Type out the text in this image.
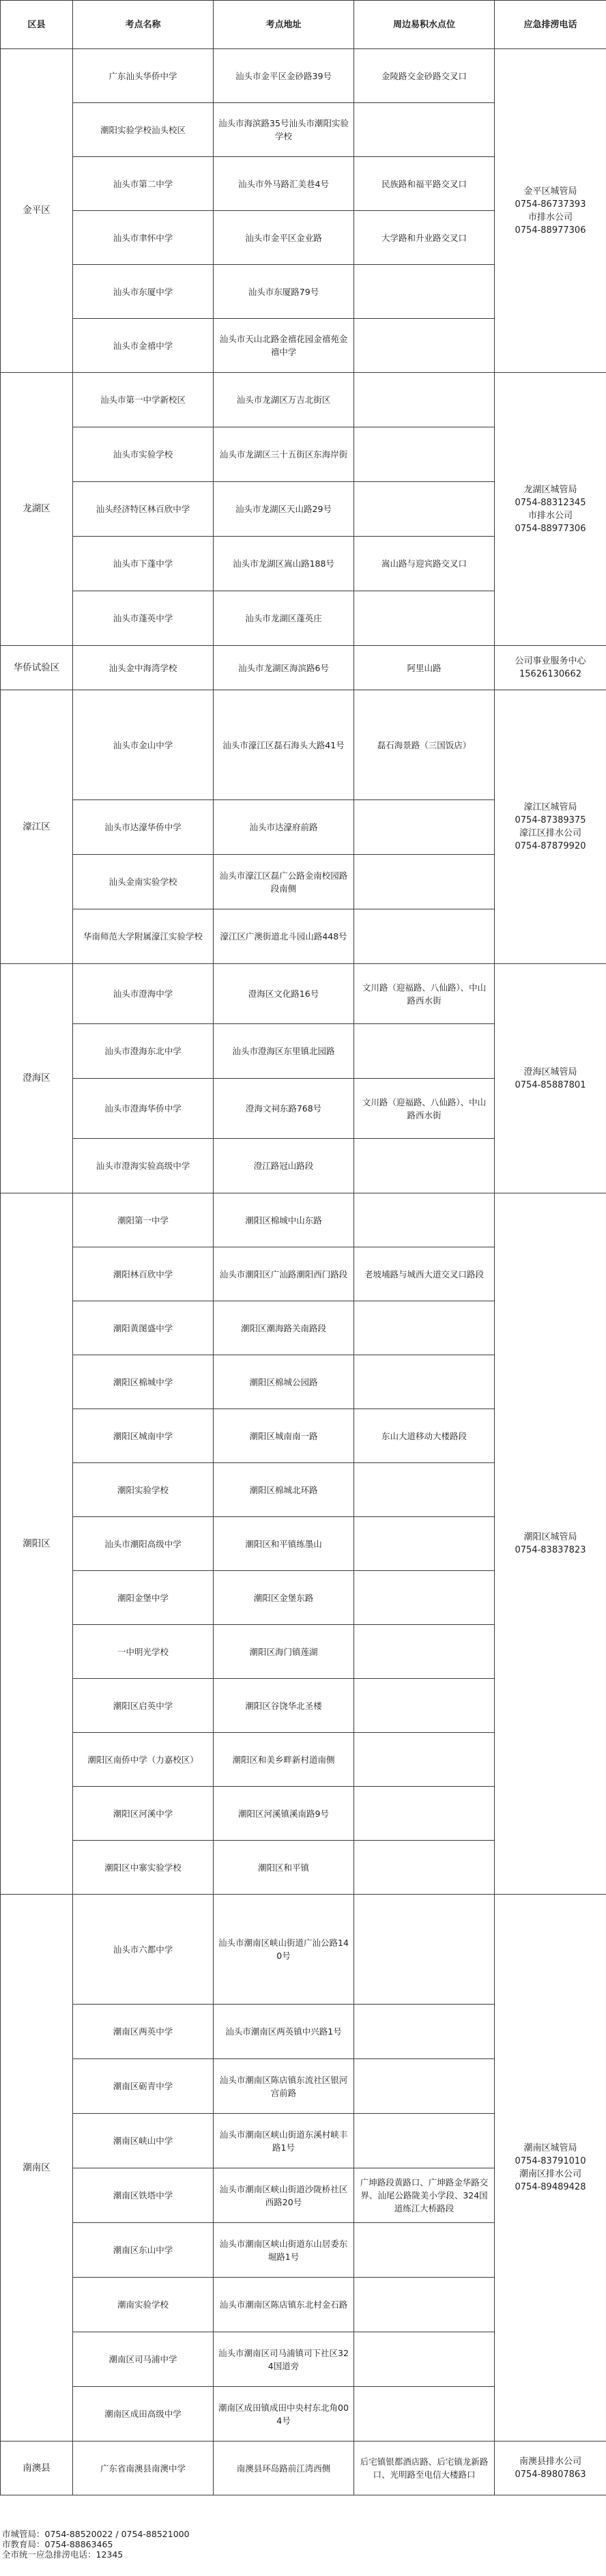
区县	考点名称	考点地址	周边易积水点位	应急排涝电话
金平区	广东汕头华侨中学	汕头市金平区金砂路39号	金陵路交金砂路交叉口	金平区城管局
0754-86737393
市排水公司
0754-88977306

	潮阳实验学校汕头校区	汕头市海滨路35号汕头市潮阳实验学校		
	汕头市第二中学	汕头市外马路汇美巷4号	民族路和福平路交叉口	
	汕头市聿怀中学	汕头市金平区金业路	大学路和升业路交叉口	
	汕头市东厦中学	汕头市东厦路79号		
	汕头市金禧中学	汕头市天山北路金禧花园金禧苑金禧中学		
龙湖区	汕头市第一中学新校区	汕头市龙湖区万吉北街区		龙湖区城管局
0754-88312345
市排水公司
0754-88977306

	汕头市实验学校	汕头市龙湖区三十五街区东海岸街		
	汕头经济特区林百欣中学	汕头市龙湖区天山路29号		
	汕头市下蓬中学	汕头市龙湖区嵩山路188号	嵩山路与迎宾路交叉口	
	汕头市蓬英中学	汕头市龙湖区蓬英庄		
华侨试验区	汕头金中海湾学校	汕头市龙湖区海滨路6号	阿里山路	公司事业服务中心
15626130662

濠江区	汕头市金山中学	汕头市濠江区磊石海头大路41号	磊石海景路（三国饭店）	濠江区城管局
0754-87389375
濠江区排水公司
0754-87879920

	汕头市达濠华侨中学	汕头市达濠府前路		
	汕头金南实验学校	汕头市濠江区磊广公路金南校园路段南侧		
	华南师范大学附属濠江实验学校	濠江区广澳街道北斗园山路448号		
澄海区	汕头市澄海中学	澄海区文化路16号	文川路（迎福路、八仙路）、中山路西水街	澄海区城管局
0754-85887801

	汕头市澄海东北中学	汕头市澄海区东里镇北园路		
	汕头市澄海华侨中学	澄海文祠东路768号	文川路（迎福路、八仙路）、中山路西水街	
	汕头市澄海实验高级中学	澄江路冠山路段		
潮阳区	潮阳第一中学	潮阳区棉城中山东路		潮阳区城管局
0754-83837823

	潮阳林百欣中学	汕头市潮阳区广汕路潮阳西门路段	老坡埔路与城西大道交叉口路段	
	潮阳黄图盛中学	潮阳区潮海路关南路段		
	潮阳区棉城中学	潮阳区棉城公园路		
	潮阳区城南中学	潮阳区城南南一路	东山大道移动大楼路段	
	潮阳实验学校	潮阳区棉城北环路		
	汕头市潮阳高级中学	潮阳区和平镇练墨山		
	潮阳金堡中学	潮阳区金堡东路		
	一中明光学校	潮阳区海门镇莲湖		
	潮阳区启英中学	潮阳区谷饶华北圣楼		
	潮阳区南侨中学（力嘉校区）	潮阳区和美乡畔新村道南侧		
	潮阳区河溪中学	潮阳区河溪镇溪南路9号		
	潮阳区中寨实验学校	潮阳区和平镇		
潮南区	汕头市六都中学	汕头市潮南区峡山街道广汕公路140号		潮南区城管局
0754-83791010
潮南区排水公司
0754-89489428

	潮南区两英中学	汕头市潮南区两英镇中兴路1号		
	潮南区砺青中学	汕头市潮南区陈店镇东流社区银河宫前路		
	潮南区峡山中学	汕头市潮南区峡山街道东溪村峡丰路1号		
	潮南区铁塔中学	汕头市潮南区峡山街道沙陇桥社区西路20号	广坤路段黄路口、广坤路金华路交界、汕尾公路陇美小学段、324国道练江大桥路段	
	潮南区东山中学	汕头市潮南区峡山街道东山居委东堀路1号		
	潮南实验学校	汕头市潮南区陈店镇东北村金石路		
	潮南区司马浦中学	汕头市潮南区司马浦镇司下社区324国道旁		
	潮南区成田高级中学	潮南区成田镇成田中央村东北角004号		
南澳县	广东省南澳县南澳中学	南澳县环岛路前江湾西侧	后宅镇银都酒店路、后宅镇龙新路口、光明路至电信大楼路口	南澳县排水公司
0754-89807863
市城管局：0754-88520022 / 0754-88521000
市教育局：0754-88863465
全市统一应急排涝电话：12345
